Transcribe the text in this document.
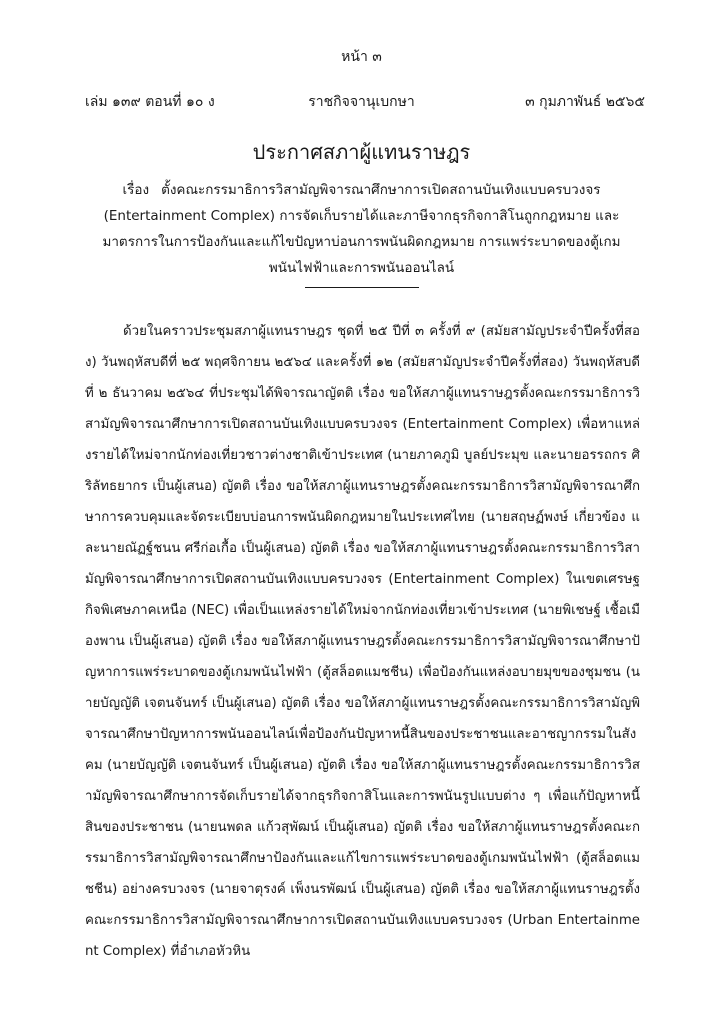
หน้า ๓
เล่ม ๑๓๙ ตอนที่ ๑๐ ง	ราชกิจจานุเบกษา	๓ กุมภาพันธ์ ๒๕๖๕
ประกาศสภาผู้แทนราษฎร
เรื่อง ตั้งคณะกรรมาธิการวิสามัญพิจารณาศึกษาการเปิดสถานบันเทิงแบบครบวงจร (Entertainment Complex) การจัดเก็บรายได้และภาษีจากธุรกิจกาสิโนถูกกฎหมาย และมาตรการในการป้องกันและแก้ไขปัญหาบ่อนการพนันผิดกฎหมาย การแพร่ระบาดของตู้เกมพนันไฟฟ้าและการพนันออนไลน์
ด้วยในคราวประชุมสภาผู้แทนราษฎร ชุดที่ ๒๕ ปีที่ ๓ ครั้งที่ ๙ (สมัยสามัญประจำปีครั้งที่สอง) วันพฤหัสบดีที่ ๒๕ พฤศจิกายน ๒๕๖๔ และครั้งที่ ๑๒ (สมัยสามัญประจำปีครั้งที่สอง) วันพฤหัสบดีที่ ๒ ธันวาคม ๒๕๖๔ ที่ประชุมได้พิจารณาญัตติ เรื่อง ขอให้สภาผู้แทนราษฎรตั้งคณะกรรมาธิการวิสามัญพิจารณาศึกษาการเปิดสถานบันเทิงแบบครบวงจร (Entertainment Complex) เพื่อหาแหล่งรายได้ใหม่จากนักท่องเที่ยวชาวต่างชาติเข้าประเทศ (นายภาคภูมิ บูลย์ประมุข และนายอรรถกร ศิริลัทธยากร เป็นผู้เสนอ) ญัตติ เรื่อง ขอให้สภาผู้แทนราษฎรตั้งคณะกรรมาธิการวิสามัญพิจารณาศึกษาการควบคุมและจัดระเบียบบ่อนการพนันผิดกฎหมายในประเทศไทย (นายสฤษฏ์พงษ์ เกี่ยวข้อง และนายณัฏฐ์ชนน ศรีก่อเกื้อ เป็นผู้เสนอ) ญัตติ เรื่อง ขอให้สภาผู้แทนราษฎรตั้งคณะกรรมาธิการวิสามัญพิจารณาศึกษาการเปิดสถานบันเทิงแบบครบวงจร (Entertainment Complex) ในเขตเศรษฐกิจพิเศษภาคเหนือ (NEC) เพื่อเป็นแหล่งรายได้ใหม่จากนักท่องเที่ยวเข้าประเทศ (นายพิเชษฐ์ เชื้อเมืองพาน เป็นผู้เสนอ) ญัตติ เรื่อง ขอให้สภาผู้แทนราษฎรตั้งคณะกรรมาธิการวิสามัญพิจารณาศึกษาปัญหาการแพร่ระบาดของตู้เกมพนันไฟฟ้า (ตู้สล็อตแมชชีน) เพื่อป้องกันแหล่งอบายมุขของชุมชน (นายบัญญัติ เจตนจันทร์ เป็นผู้เสนอ) ญัตติ เรื่อง ขอให้สภาผู้แทนราษฎรตั้งคณะกรรมาธิการวิสามัญพิจารณาศึกษาปัญหาการพนันออนไลน์เพื่อป้องกันปัญหาหนี้สินของประชาชนและอาชญากรรมในสังคม (นายบัญญัติ เจตนจันทร์ เป็นผู้เสนอ) ญัตติ เรื่อง ขอให้สภาผู้แทนราษฎรตั้งคณะกรรมาธิการวิสามัญพิจารณาศึกษาการจัดเก็บรายได้จากธุรกิจกาสิโนและการพนันรูปแบบต่าง ๆ เพื่อแก้ปัญหาหนี้สินของประชาชน (นายนพดล แก้วสุพัฒน์ เป็นผู้เสนอ) ญัตติ เรื่อง ขอให้สภาผู้แทนราษฎรตั้งคณะกรรมาธิการวิสามัญพิจารณาศึกษาป้องกันและแก้ไขการแพร่ระบาดของตู้เกมพนันไฟฟ้า (ตู้สล็อตแมชชีน) อย่างครบวงจร (นายจาตุรงค์ เพ็งนรพัฒน์ เป็นผู้เสนอ) ญัตติ เรื่อง ขอให้สภาผู้แทนราษฎรตั้งคณะกรรมาธิการวิสามัญพิจารณาศึกษาการเปิดสถานบันเทิงแบบครบวงจร (Urban Entertainment Complex) ที่อำเภอหัวหิน
